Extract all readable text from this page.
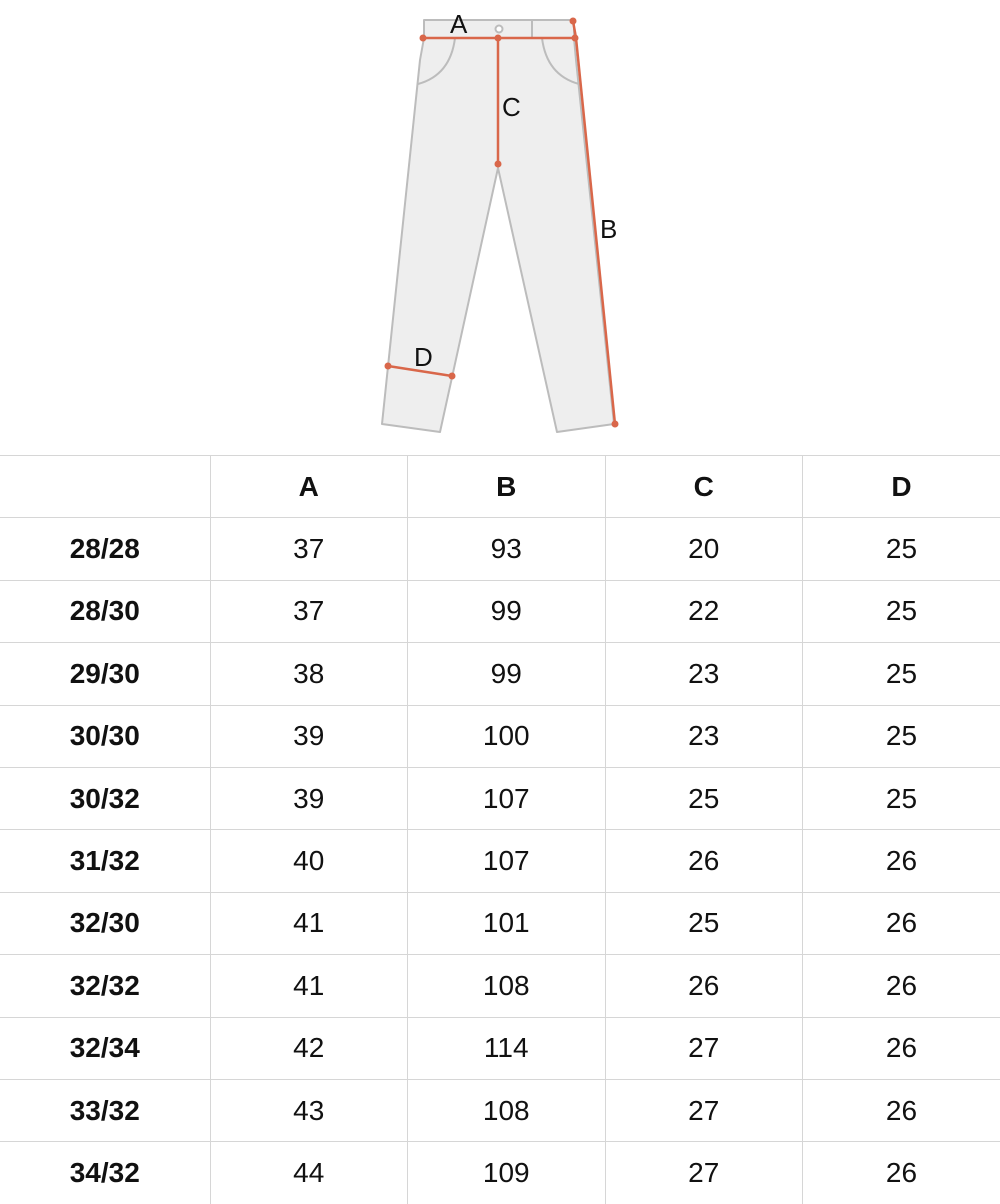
A
C
B
D
	A	B	C	D
28/28	37	93	20	25
28/30	37	99	22	25
29/30	38	99	23	25
30/30	39	100	23	25
30/32	39	107	25	25
31/32	40	107	26	26
32/30	41	101	25	26
32/32	41	108	26	26
32/34	42	114	27	26
33/32	43	108	27	26
34/32	44	109	27	26
